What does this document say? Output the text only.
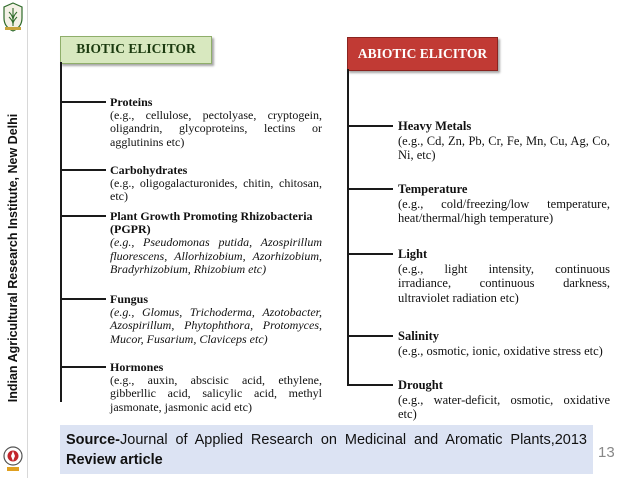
Indian Agricultural Research Institute, New Delhi
BIOTIC ELICITOR	ABIOTIC ELICITOR
Proteins
(e.g., cellulose, pectolyase, cryptogein, oligandrin, glycoproteins, lectins or agglutinins etc)
Carbohydrates
(e.g., oligogalacturonides, chitin, chitosan, etc)
Plant Growth Promoting Rhizobacteria (PGPR)
(e.g., Pseudomonas putida, Azospirillum fluorescens, Allorhizobium, Azorhizobium, Bradyrhizobium, Rhizobium etc)
Fungus
(e.g., Glomus, Trichoderma, Azotobacter, Azospirillum, Phytophthora, Protomyces, Mucor, Fusarium, Claviceps etc)
Hormones
(e.g., auxin, abscisic acid, ethylene, gibberllic acid, salicylic acid, methyl jasmonate, jasmonic acid etc)
Heavy Metals
(e.g., Cd, Zn, Pb, Cr, Fe, Mn, Cu, Ag, Co, Ni, etc)
Temperature
(e.g., cold/freezing/low temperature, heat/thermal/high temperature)
Light
(e.g., light intensity, continuous irradiance, continuous darkness, ultraviolet radiation etc)
Salinity
(e.g., osmotic, ionic, oxidative stress etc)
Drought
(e.g., water-deficit, osmotic, oxidative etc)
Source-Journal of Applied Research on Medicinal and Aromatic Plants,2013 Review article	13
